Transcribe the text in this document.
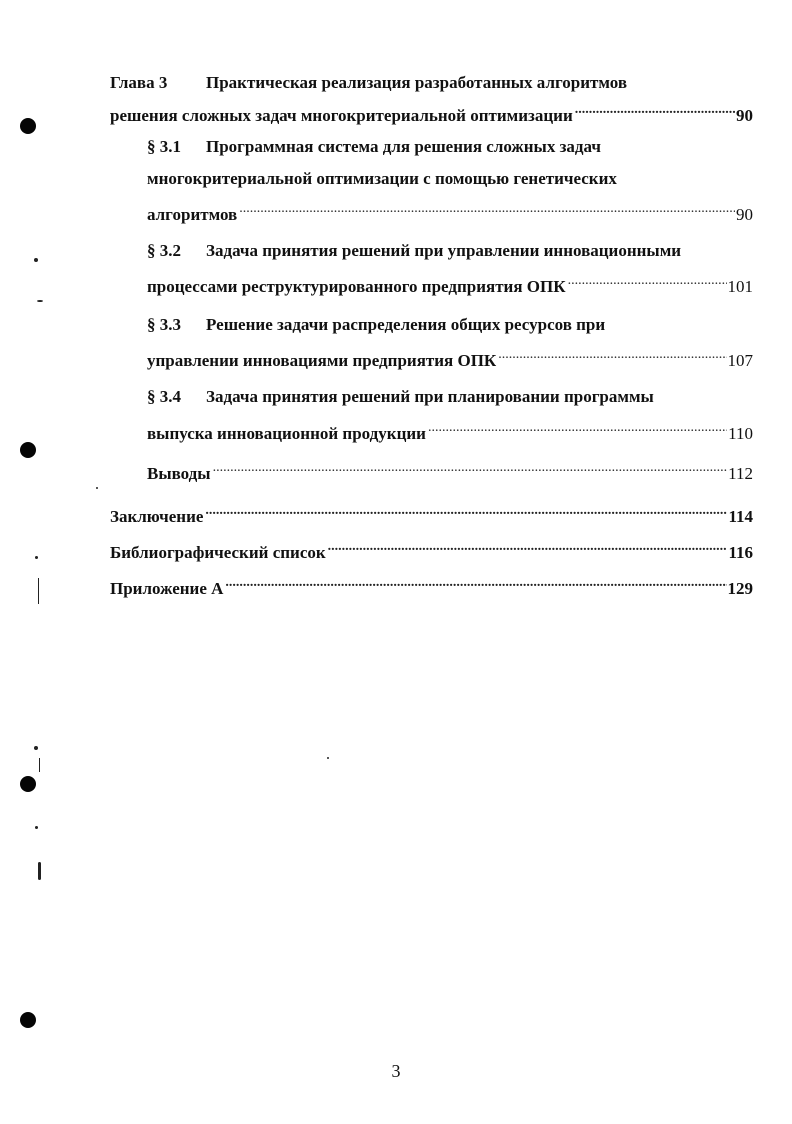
Глава 3	Практическая реализация разработанных алгоритмов
решения сложных задач многокритериальной оптимизации .....	90
§ 3.1	Программная система для решения сложных задач
многокритериальной оптимизации с помощью генетических
алгоритмов .....	90
§ 3.2	Задача принятия решений при управлении инновационными
процессами реструктурированного предприятия ОПК .....	101
§ 3.3	Решение задачи распределения общих ресурсов при
управлении инновациями предприятия ОПК .....	107
§ 3.4	Задача принятия решений при планировании программы
выпуска инновационной продукции .....	110
Выводы .....	112
Заключение .....	114
Библиографический список .....	116
Приложение А .....	129
3
